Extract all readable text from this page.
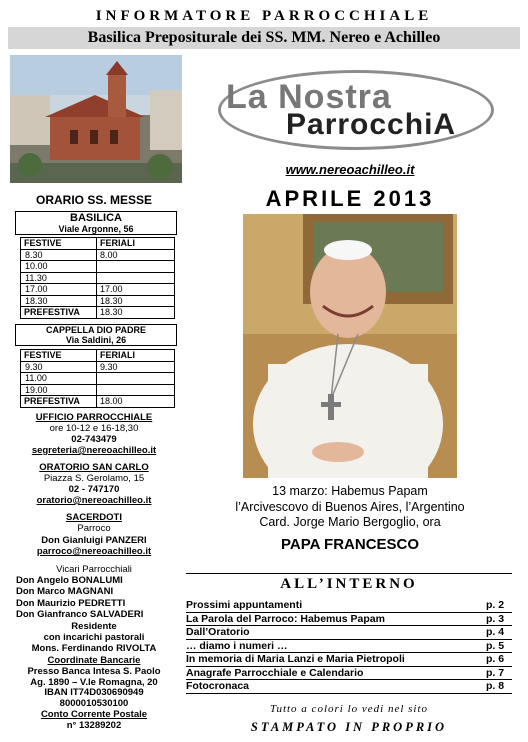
INFORMATORE PARROCCHIALE
Basilica Prepositurale dei SS. MM. Nereo e Achilleo
La Nostra
ParrocchiA
www.nereoachilleo.it
APRILE 2013
13 marzo: Habemus Papam
l’Arcivescovo di Buenos Aires, l’Argentino
Card. Jorge Mario Bergoglio, ora
PAPA FRANCESCO
ORARIO SS. MESSE
BASILICA
Viale Argonne, 56
FESTIVE	FERIALI
8.30	8.00
10.00	
11.30	
17.00	17.00
18.30	18.30
PREFESTIVA	18.30
CAPPELLA DIO PADRE
Via Saldini, 26
FESTIVE	FERIALI
9.30	9.30
11.00	
19.00	
PREFESTIVA	18.00
UFFICIO PARROCCHIALE
ore 10-12 e 16-18,30
02-743479
segreteria@nereoachilleo.it
ORATORIO SAN CARLO
Piazza S. Gerolamo, 15
02 - 747170
oratorio@nereoachilleo.it
SACERDOTI
Parroco
Don Gianluigi PANZERI
parroco@nereoachilleo.it
Vicari Parrocchiali
Don Angelo BONALUMI
Don Marco MAGNANI
Don Maurizio PEDRETTI
Don Gianfranco SALVADERI
Residente
con incarichi pastorali
Mons. Ferdinando RIVOLTA
Coordinate Bancarie
Presso Banca Intesa S. Paolo
Ag. 1890 – V.le Romagna, 20
IBAN IT74D030690949
8000010530100
Conto Corrente Postale
n° 13289202
ALL’INTERNO
Prossimi appuntamenti	p. 2
La Parola del Parroco: Habemus Papam	p. 3
Dall’Oratorio	p. 4
… diamo i numeri …	p. 5
In memoria di Maria Lanzi e Maria Pietropoli	p. 6
Anagrafe Parrocchiale e Calendario	p. 7
Fotocronaca	p. 8
Tutto a colori lo vedi nel sito
STAMPATO IN PROPRIO
